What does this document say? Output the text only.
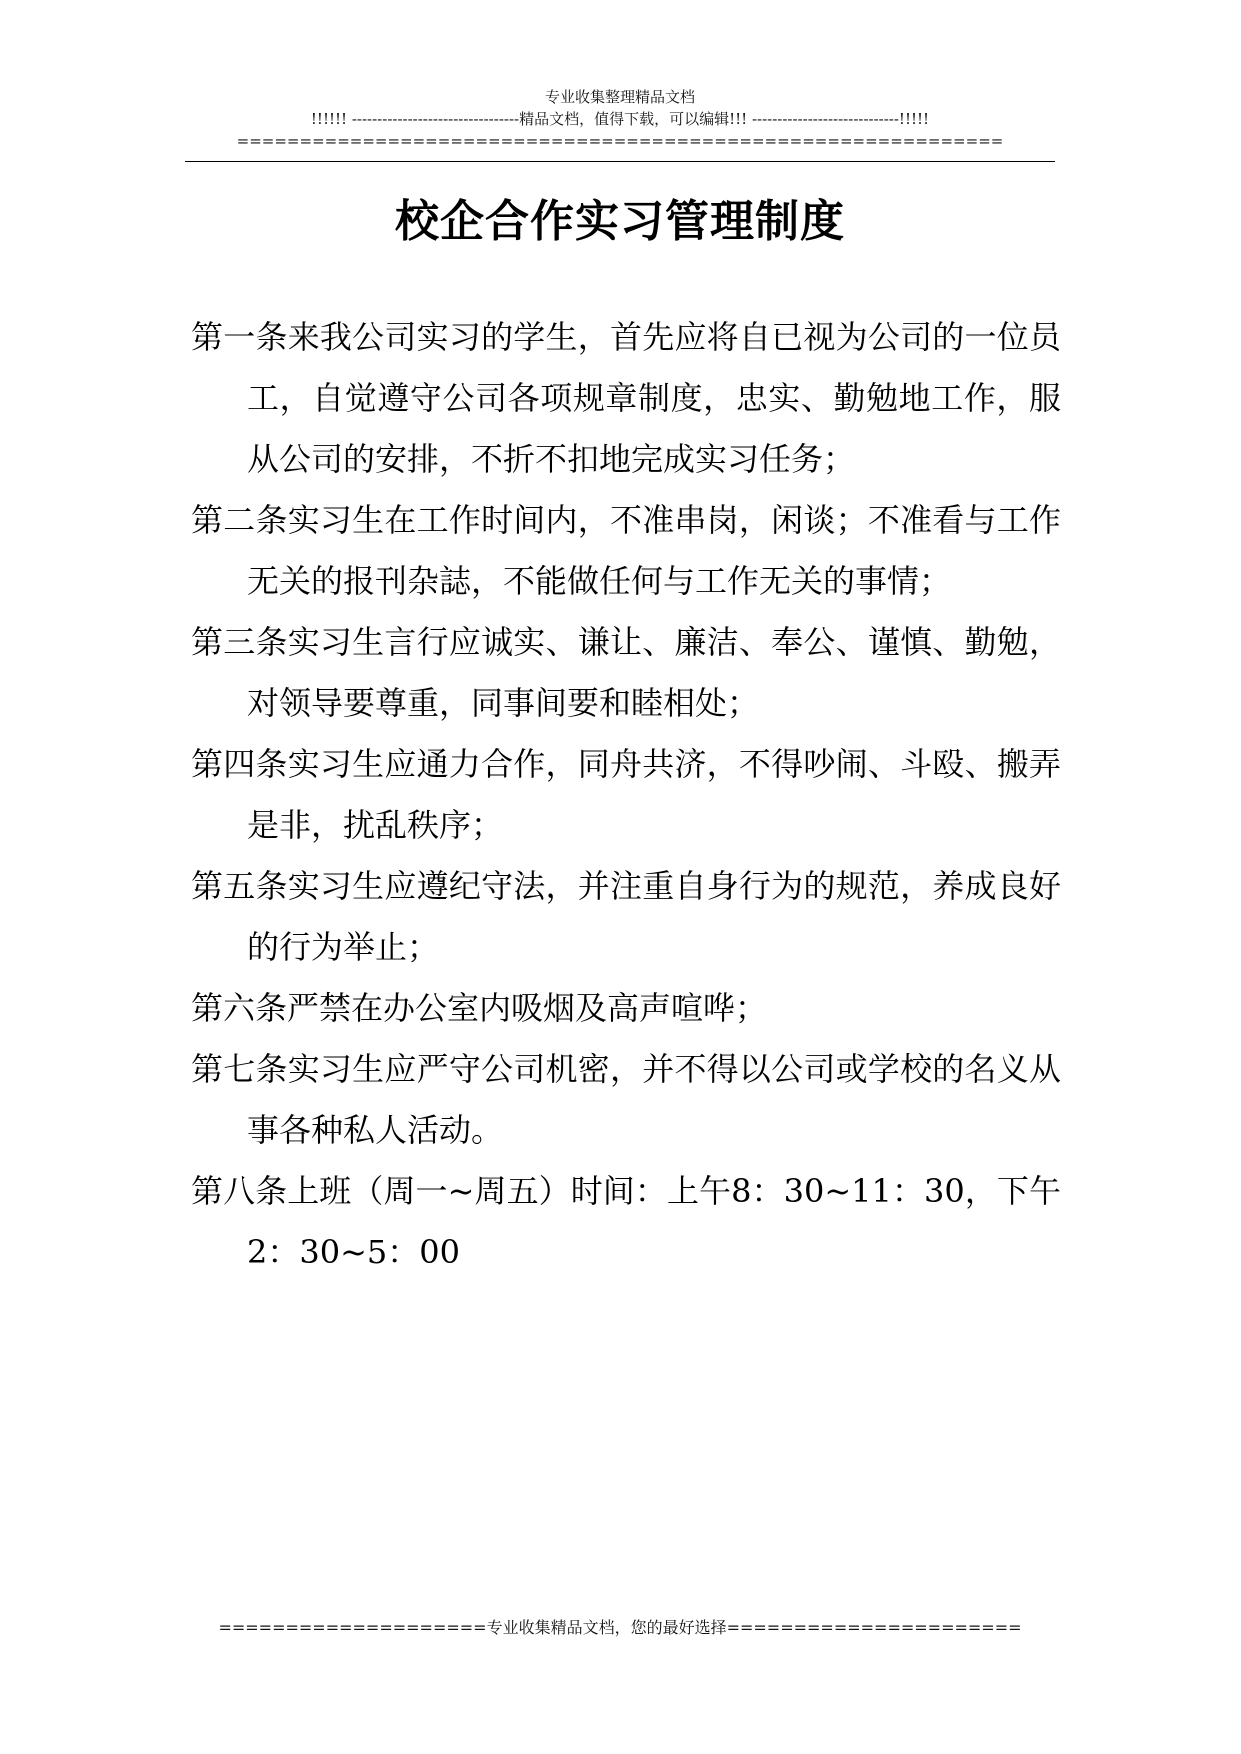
专业收集整理精品文档
!!!!!! ---------------------------------精品文档，值得下载，可以编辑!!! -----------------------------!!!!!
=============================================================
校企合作实习管理制度
第一条来我公司实习的学生，首先应将自已视为公司的一位员工，自觉遵守公司各项规章制度，忠实、勤勉地工作，服从公司的安排，不折不扣地完成实习任务；
第二条实习生在工作时间内，不准串岗，闲谈；不准看与工作无关的报刊杂誌，不能做任何与工作无关的事情；
第三条实习生言行应诚实、谦让、廉洁、奉公、谨慎、勤勉，对领导要尊重，同事间要和睦相处；
第四条实习生应通力合作，同舟共济，不得吵闹、斗殴、搬弄是非，扰乱秩序；
第五条实习生应遵纪守法，并注重自身行为的规范，养成良好的行为举止；
第六条严禁在办公室内吸烟及高声喧哗；
第七条实习生应严守公司机密，并不得以公司或学校的名义从事各种私人活动。
第八条上班（周一~周五）时间：上午8：30~11：30，下午2：30~5：00
====================专业收集精品文档，您的最好选择======================
